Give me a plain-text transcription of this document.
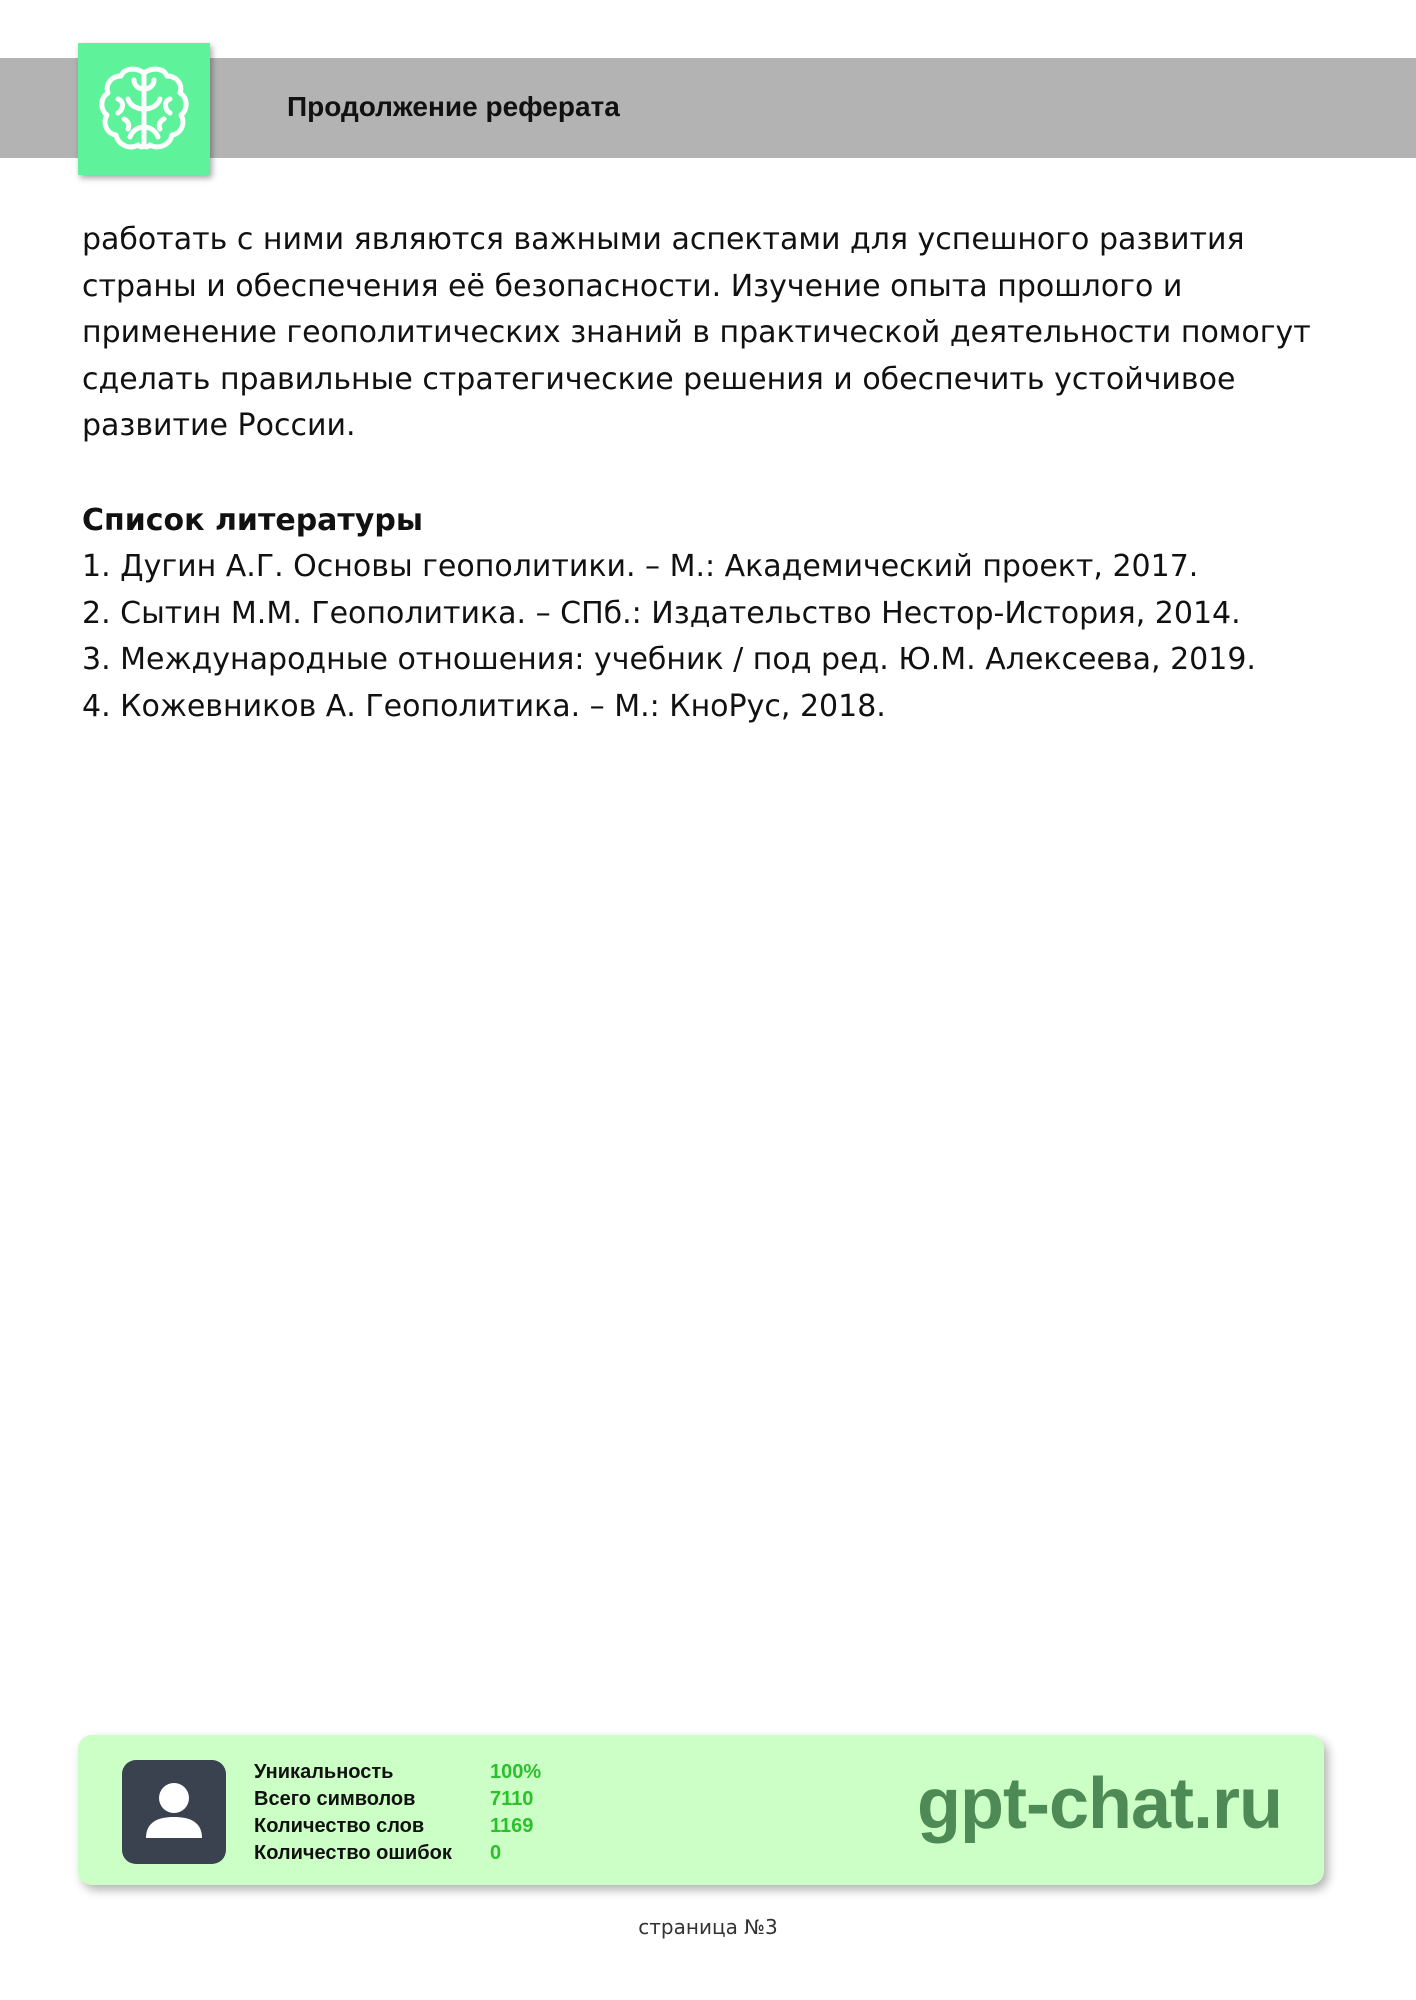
Продолжение реферата

работать с ними являются важными аспектами для успешного развития

страны и обеспечения её безопасности. Изучение опыта прошлого и

применение геополитических знаний в практической деятельности помогут

сделать правильные стратегические решения и обеспечить устойчивое

развитие России.

Список литературы
1. Дугин А.Г. Основы геополитики. – М.: Академический проект, 2017.
2. Сытин М.М. Геополитика. – СПб.: Издательство Нестор-История, 2014.
3. Международные отношения: учебник / под ред. Ю.М. Алексеева, 2019.
4. Кожевников А. Геополитика. – М.: КноРус, 2018.
Уникальность	100%
Всего символов	7110
Количество слов	1169
Количество ошибок	0
gpt-chat.ru
страница №3
